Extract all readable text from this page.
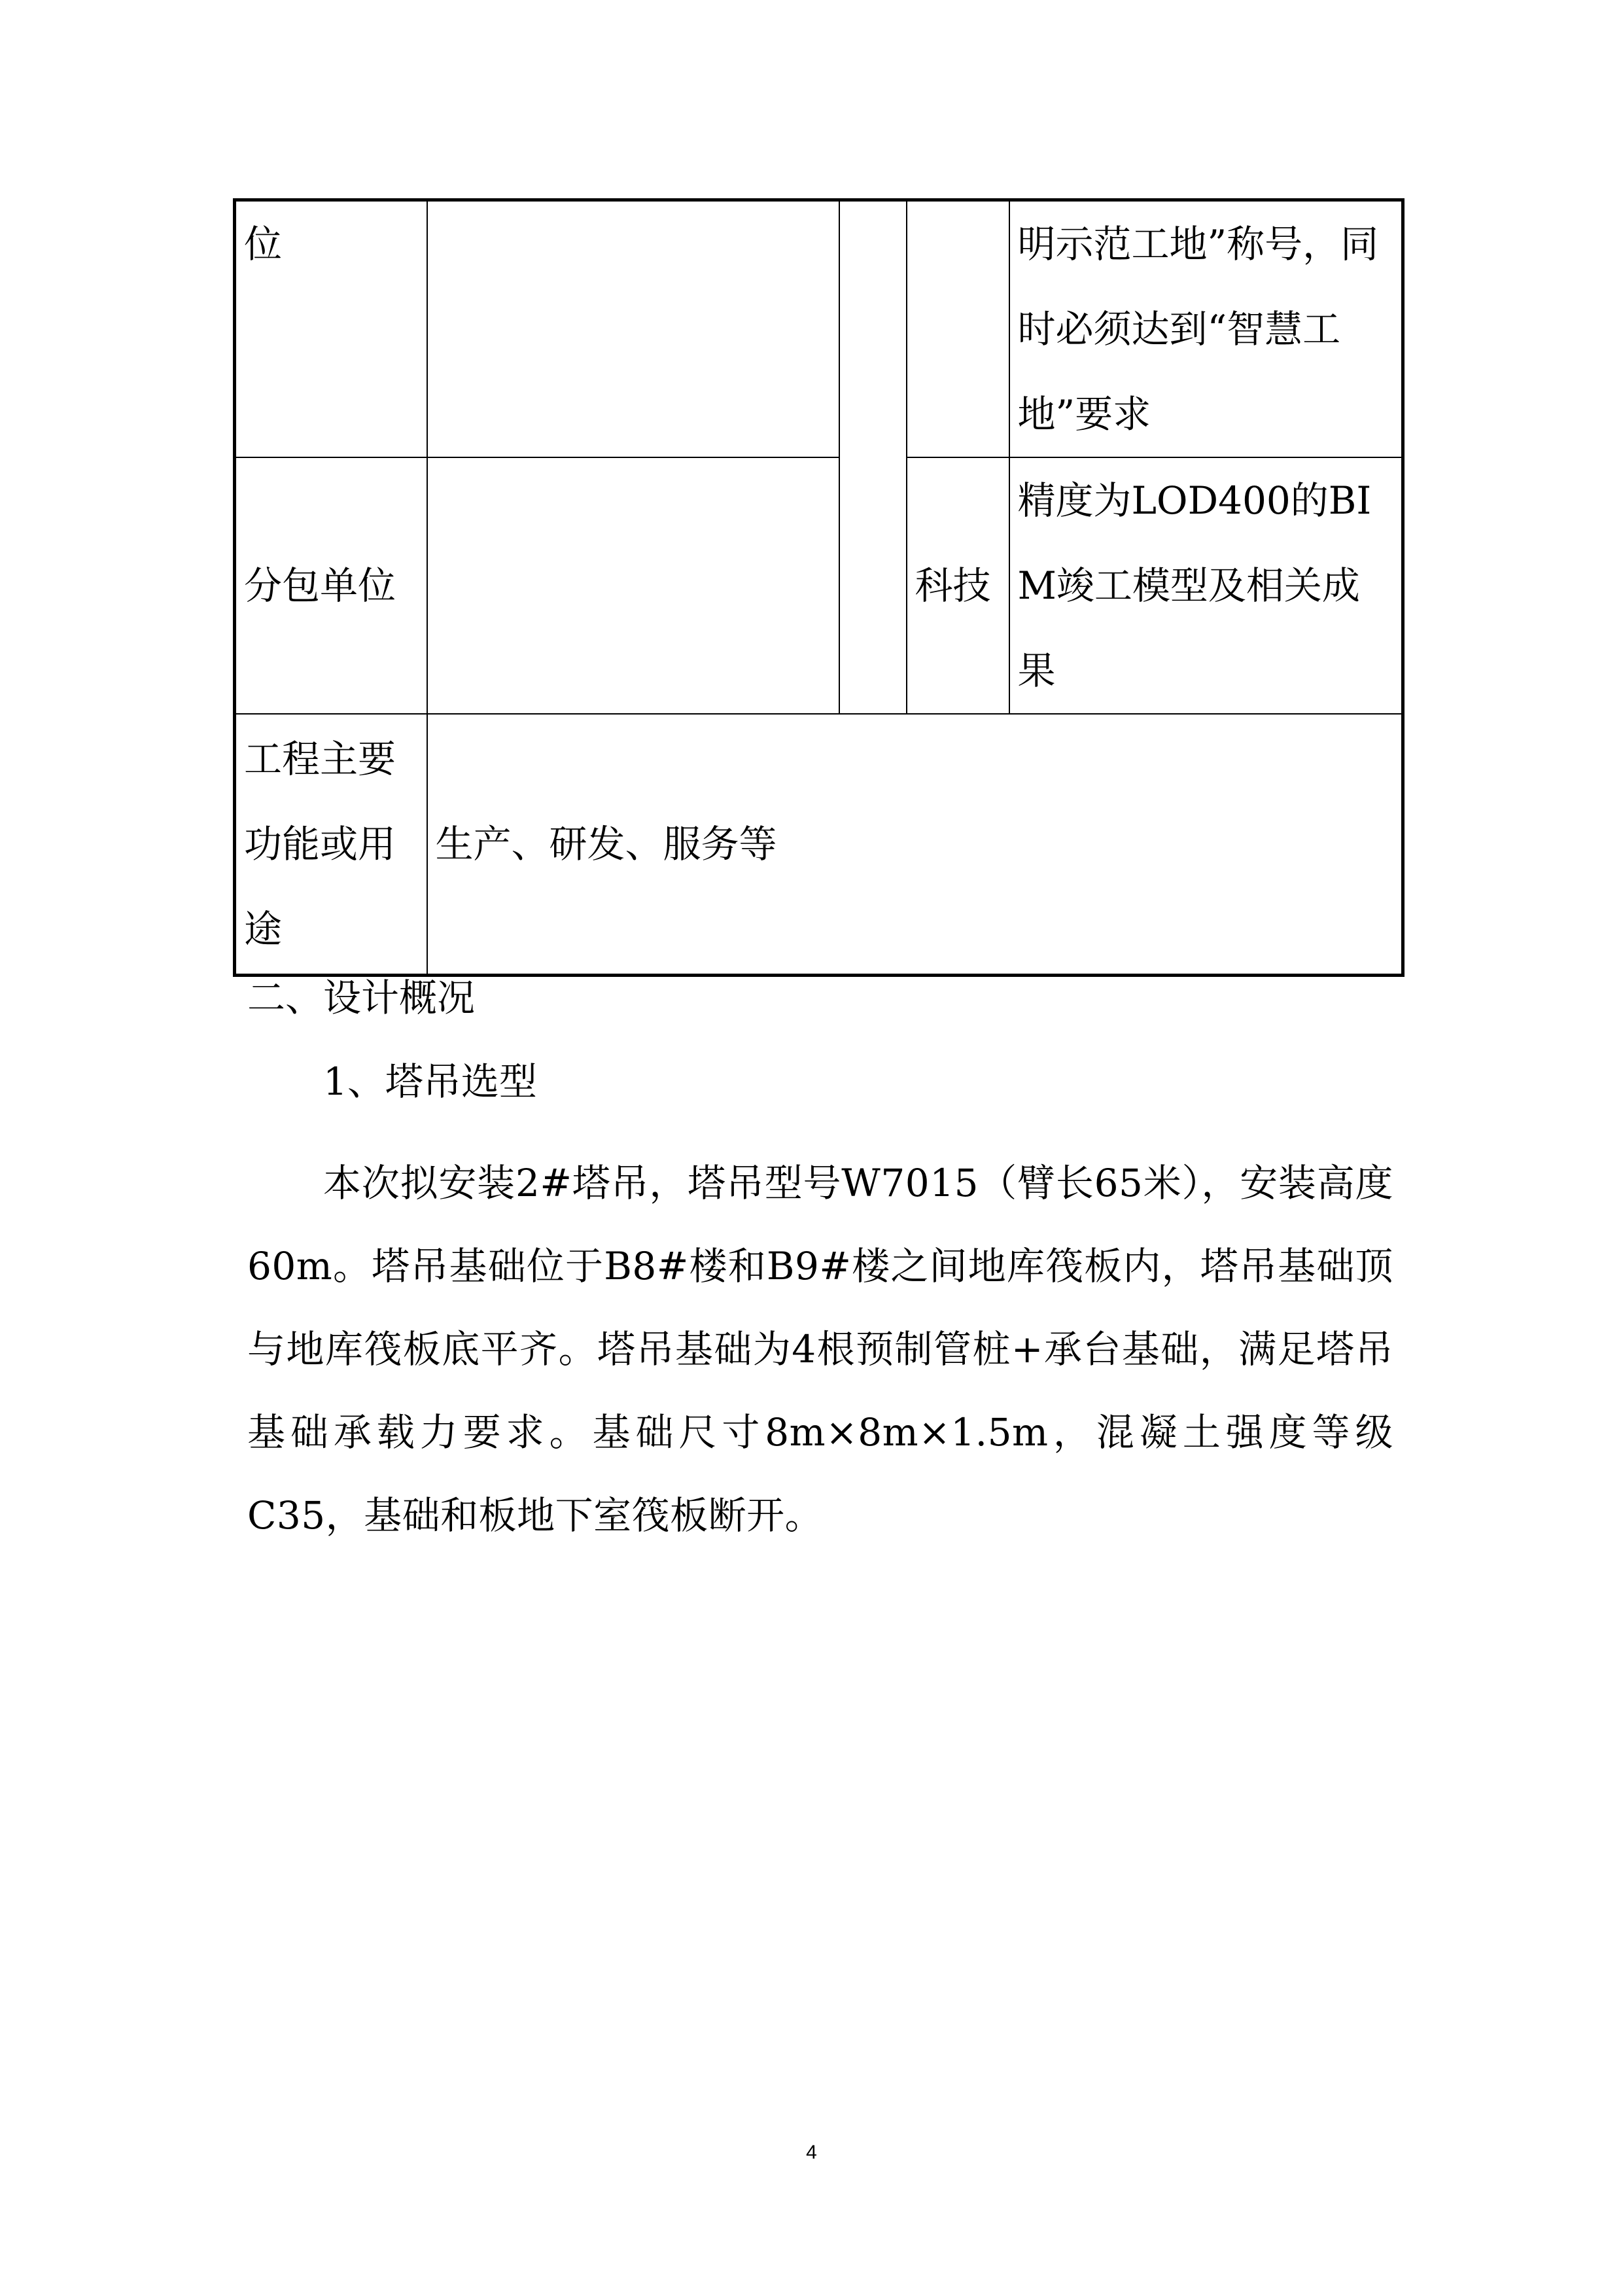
位				明示范工地”称号，同时必须达到“智慧工地”要求

分包单位			科技	精度为LOD400的BIM竣工模型及相关成果

工程主要功能或用途	生产、研发、服务等			
二、设计概况
1、塔吊选型

本次拟安装2#塔吊，塔吊型号W7015（臂长65米），安装高度60m。塔吊基础位于B8#楼和B9#楼之间地库筏板内，塔吊基础顶与地库筏板底平齐。塔吊基础为4根预制管桩+承台基础，满足塔吊基础承载力要求。基础尺寸8m×8m×1.5m，混凝土强度等级C35，基础和板地下室筏板断开。

4
